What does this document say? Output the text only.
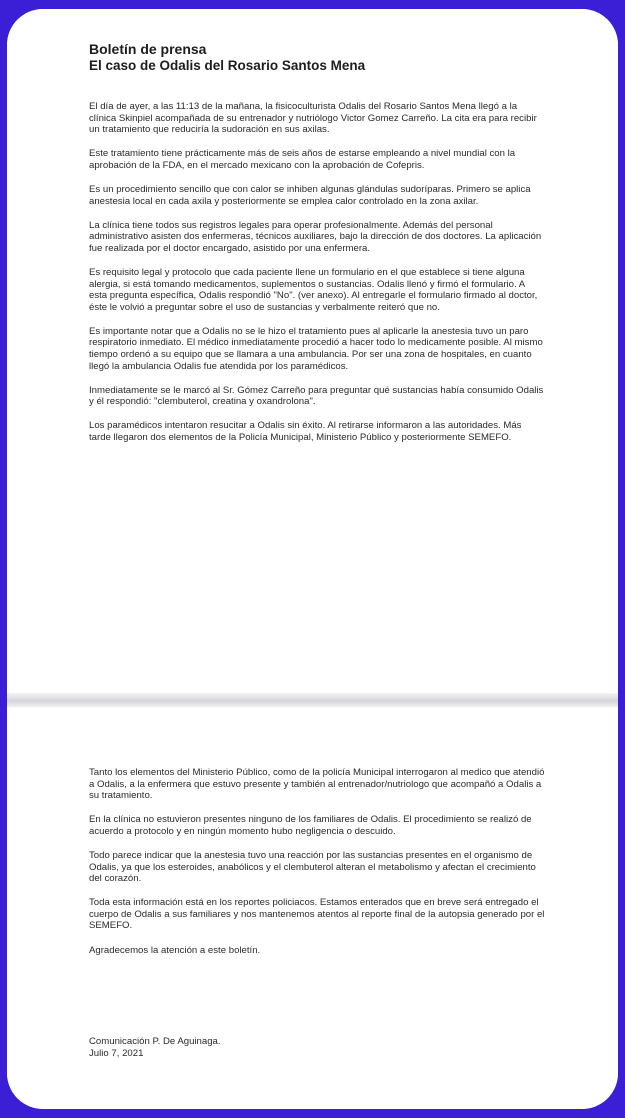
Boletín de prensa
El caso de Odalis del Rosario Santos Mena

El día de ayer, a las 11:13 de la mañana, la fisicoculturista Odalis del Rosario Santos Mena llegó a la clínica Skinpiel acompañada de su entrenador y nutriólogo Victor Gomez Carreño. La cita era para recibir un tratamiento que reduciría la sudoración en sus axilas.

Este tratamiento tiene prácticamente más de seis años de estarse empleando a nivel mundial con la aprobación de la FDA, en el mercado mexicano con la aprobación de Cofepris.

Es un procedimiento sencillo que con calor se inhiben algunas glándulas sudoríparas. Primero se aplica anestesia local en cada axila y posteriormente se emplea calor controlado en la zona axilar.

La clínica tiene todos sus registros legales para operar profesionalmente. Además del personal administrativo asisten dos enfermeras, técnicos auxiliares, bajo la dirección de dos doctores. La aplicación fue realizada por el doctor encargado, asistido por una enfermera.

Es requisito legal y protocolo que cada paciente llene un formulario en el que establece si tiene alguna alergia, si está tomando medicamentos, suplementos o sustancias. Odalis llenó y firmó el formulario. A esta pregunta específica, Odalis respondió "No". (ver anexo). Al entregarle el formulario firmado al doctor, éste le volvió a preguntar sobre el uso de sustancias y verbalmente reiteró que no.

Es importante notar que a Odalis no se le hizo el tratamiento pues al aplicarle la anestesia tuvo un paro respiratorio inmediato. El médico inmediatamente procedió a hacer todo lo medicamente posible. Al mismo tiempo ordenó a su equipo que se llamara a una ambulancia. Por ser una zona de hospitales, en cuanto llegó la ambulancia Odalis fue atendida por los paramédicos.

Inmediatamente se le marcó al Sr. Gómez Carreño para preguntar qué sustancias había consumido Odalis y él respondió: "clembuterol, creatina y oxandrolona".

Los paramédicos intentaron resucitar a Odalis sin éxito. Al retirarse informaron a las autoridades. Más tarde llegaron dos elementos de la Policía Municipal, Ministerio Público y posteriormente SEMEFO.

Tanto los elementos del Ministerio Público, como de la policía Municipal interrogaron al medico que atendió a Odalis, a la enfermera que estuvo presente y también al entrenador/nutriologo que acompañó a Odalis a su tratamiento.

En la clínica no estuvieron presentes ninguno de los familiares de Odalis. El procedimiento se realizó de acuerdo a protocolo y en ningún momento hubo negligencia o descuido.

Todo parece indicar que la anestesia tuvo una reacción por las sustancias presentes en el organismo de Odalis, ya que los esteroides, anabólicos y el clembuterol alteran el metabolismo y afectan el crecimiento del corazón.

Toda esta información está en los reportes policiacos. Estamos enterados que en breve será entregado el cuerpo de Odalis a sus familiares y nos mantenemos atentos al reporte final de la autopsia generado por el SEMEFO.

Agradecemos la atención a este boletín.

Comunicación P. De Aguinaga.

Julio 7, 2021
